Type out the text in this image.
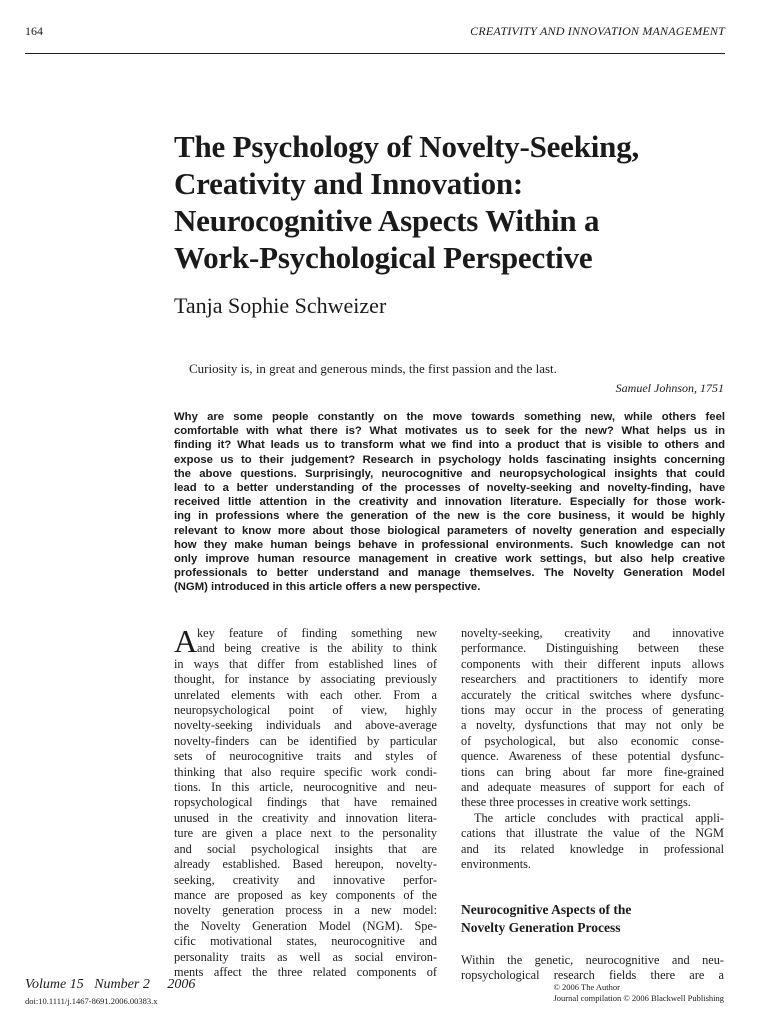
164	CREATIVITY AND INNOVATION MANAGEMENT
The Psychology of Novelty-Seeking,
Creativity and Innovation:
Neurocognitive Aspects Within a
Work-Psychological Perspective
Tanja Sophie Schweizer

Curiosity is, in great and generous minds, the first passion and the last.

Samuel Johnson, 1751
Why are some people constantly on the move towards something new, while others feel
comfortable with what there is? What motivates us to seek for the new? What helps us in
finding it? What leads us to transform what we find into a product that is visible to others and
expose us to their judgement? Research in psychology holds fascinating insights concerning
the above questions. Surprisingly, neurocognitive and neuropsychological insights that could
lead to a better understanding of the processes of novelty-seeking and novelty-finding, have
received little attention in the creativity and innovation literature. Especially for those work-
ing in professions where the generation of the new is the core business, it would be highly
relevant to know more about those biological parameters of novelty generation and especially
how they make human beings behave in professional environments. Such knowledge can not
only improve human resource management in creative work settings, but also help creative
professionals to better understand and manage themselves. The Novelty Generation Model
(NGM) introduced in this article offers a new perspective.

A key feature of finding something new
and being creative is the ability to think
in ways that differ from established lines of
thought, for instance by associating previously
unrelated elements with each other. From a
neuropsychological point of view, highly
novelty-seeking individuals and above-average
novelty-finders can be identified by particular
sets of neurocognitive traits and styles of
thinking that also require specific work condi-
tions. In this article, neurocognitive and neu-
ropsychological findings that have remained
unused in the creativity and innovation litera-
ture are given a place next to the personality
and social psychological insights that are
already established. Based hereupon, novelty-
seeking, creativity and innovative perfor-
mance are proposed as key components of the
novelty generation process in a new model:
the Novelty Generation Model (NGM). Spe-
cific motivational states, neurocognitive and
personality traits as well as social environ-
ments affect the three related components of

novelty-seeking, creativity and innovative
performance. Distinguishing between these
components with their different inputs allows
researchers and practitioners to identify more
accurately the critical switches where dysfunc-
tions may occur in the process of generating
a novelty, dysfunctions that may not only be
of psychological, but also economic conse-
quence. Awareness of these potential dysfunc-
tions can bring about far more fine-grained
and adequate measures of support for each of
these three processes in creative work settings.

The article concludes with practical appli-
cations that illustrate the value of the NGM
and its related knowledge in professional
environments.

Neurocognitive Aspects of the
Novelty Generation Process

Within the genetic, neurocognitive and neu-
ropsychological research fields there are a

Volume 15   Number 2     2006
doi:10.1111/j.1467-8691.2006.00383.x
© 2006 The Author
Journal compilation © 2006 Blackwell Publishing
